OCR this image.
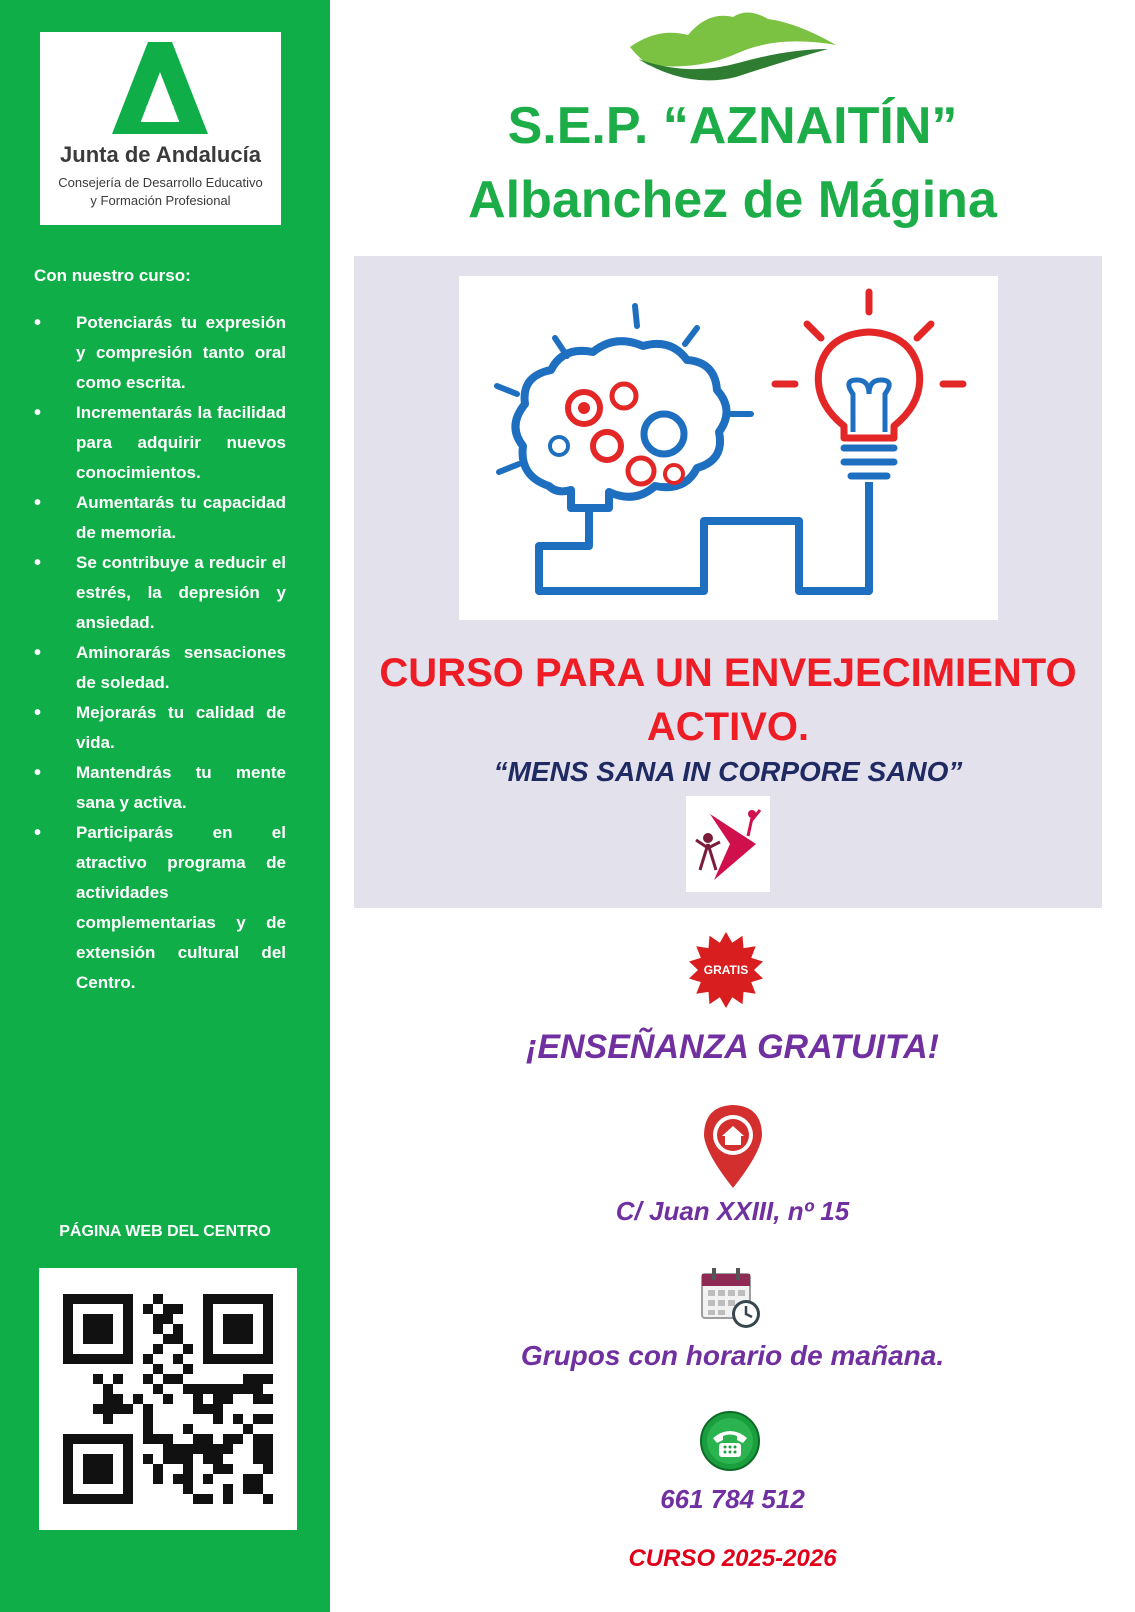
Junta de Andalucía
Consejería de Desarrollo Educativo
y Formación Profesional
Con nuestro curso:
• Potenciarás tu expresión y compresión tanto oral como escrita.
• Incrementarás la facilidad para adquirir nuevos conocimientos.
• Aumentarás tu capacidad de memoria.
• Se contribuye a reducir el estrés, la depresión y ansiedad.
• Aminorarás sensaciones de soledad.
• Mejorarás tu calidad de vida.
• Mantendrás tu mente sana y activa.
• Participarás en el atractivo programa de actividades complementarias y de extensión cultural del Centro.
PÁGINA WEB DEL CENTRO
S.E.P. “AZNAITÍN”
Albanchez de Mágina
CURSO PARA UN ENVEJECIMIENTO
ACTIVO.
“MENS SANA IN CORPORE SANO”
GRATIS
¡ENSEÑANZA GRATUITA!
C/ Juan XXIII, nº 15
Grupos con horario de mañana.
661 784 512
CURSO 2025-2026
